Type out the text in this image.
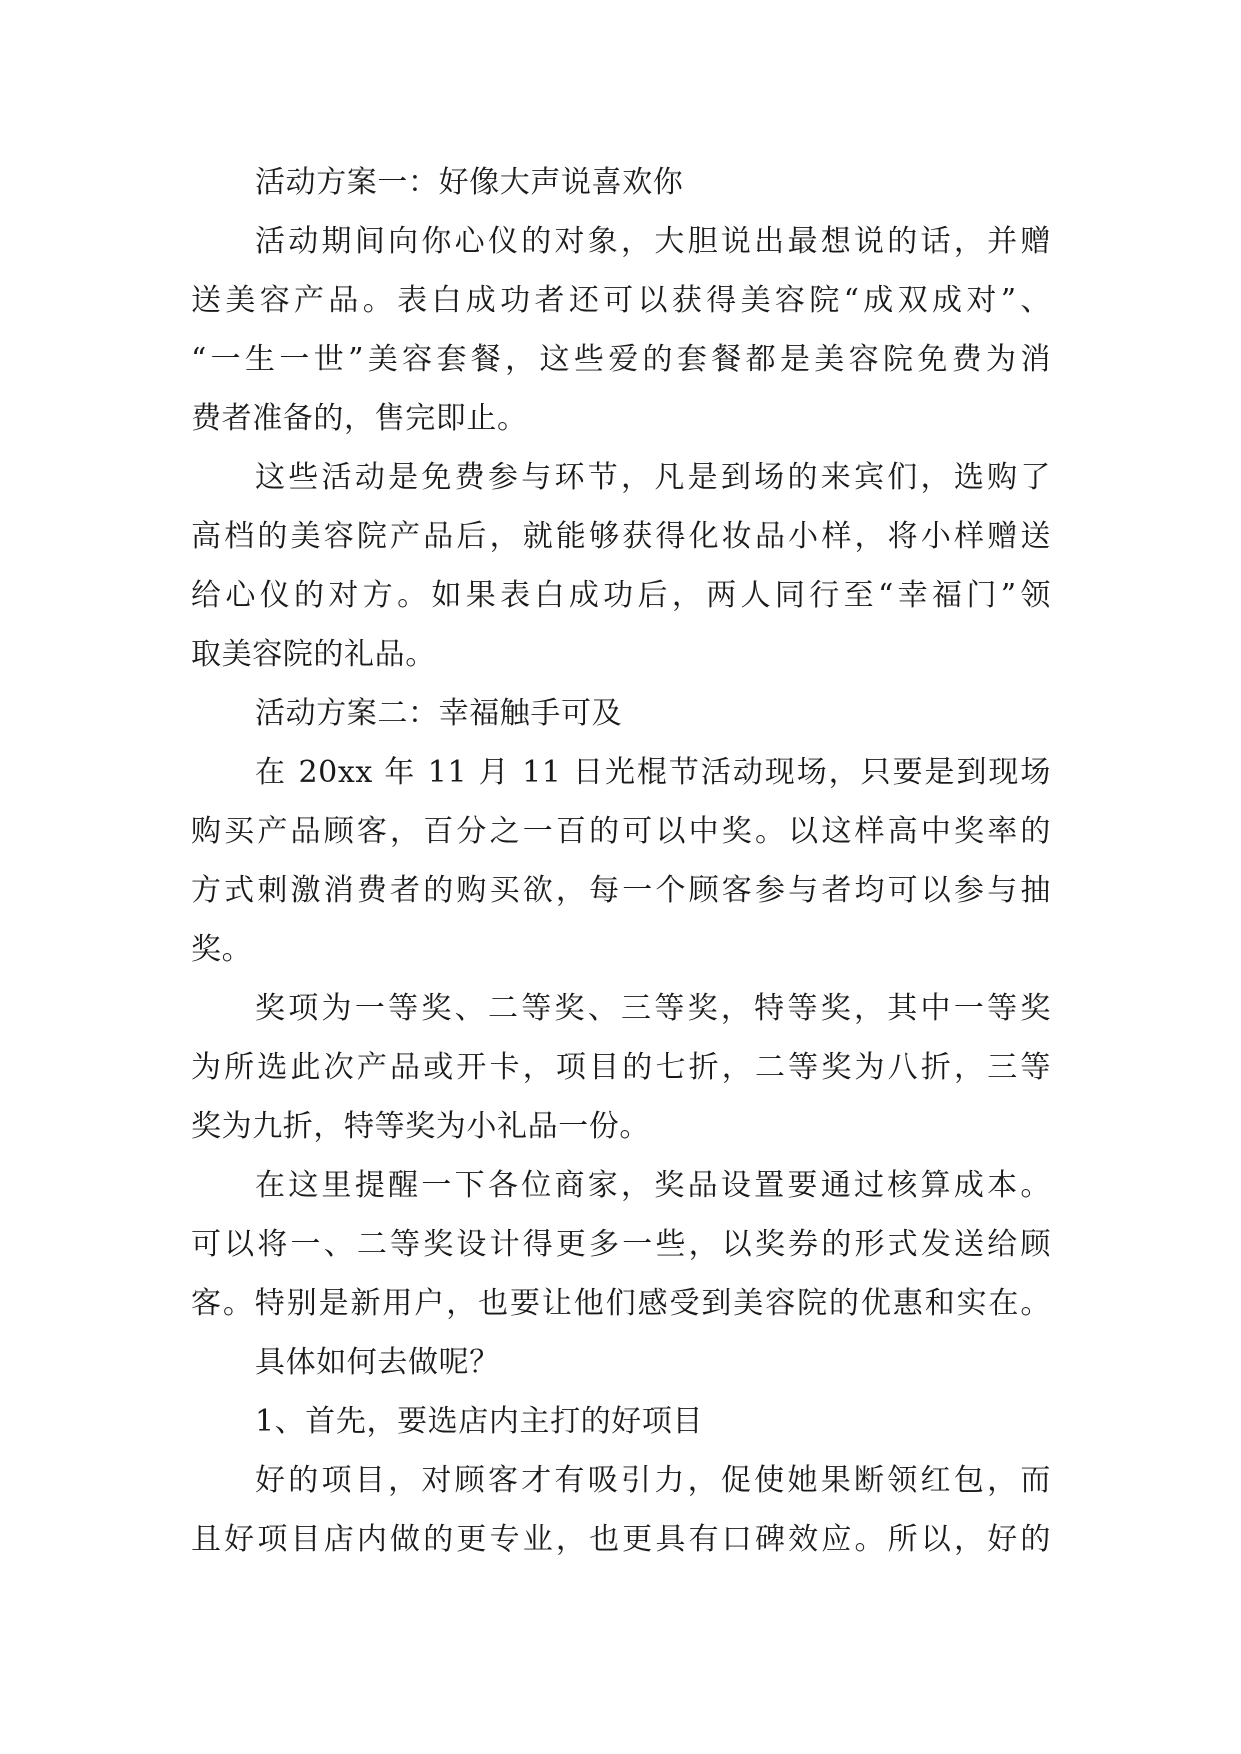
活动方案一：好像大声说喜欢你
活动期间向你心仪的对象，大胆说出最想说的话，并赠
送美容产品。表白成功者还可以获得美容院“成双成对”、
“一生一世”美容套餐，这些爱的套餐都是美容院免费为消
费者准备的，售完即止。
这些活动是免费参与环节，凡是到场的来宾们，选购了
高档的美容院产品后，就能够获得化妆品小样，将小样赠送
给心仪的对方。如果表白成功后，两人同行至“幸福门”领
取美容院的礼品。
活动方案二：幸福触手可及
在 20xx 年 11 月 11 日光棍节活动现场，只要是到现场
购买产品顾客，百分之一百的可以中奖。以这样高中奖率的
方式刺激消费者的购买欲，每一个顾客参与者均可以参与抽
奖。
奖项为一等奖、二等奖、三等奖，特等奖，其中一等奖
为所选此次产品或开卡，项目的七折，二等奖为八折，三等
奖为九折，特等奖为小礼品一份。
在这里提醒一下各位商家，奖品设置要通过核算成本。
可以将一、二等奖设计得更多一些，以奖券的形式发送给顾
客。特别是新用户，也要让他们感受到美容院的优惠和实在。
具体如何去做呢？
1、首先，要选店内主打的好项目
好的项目，对顾客才有吸引力，促使她果断领红包，而
且好项目店内做的更专业，也更具有口碑效应。所以，好的
